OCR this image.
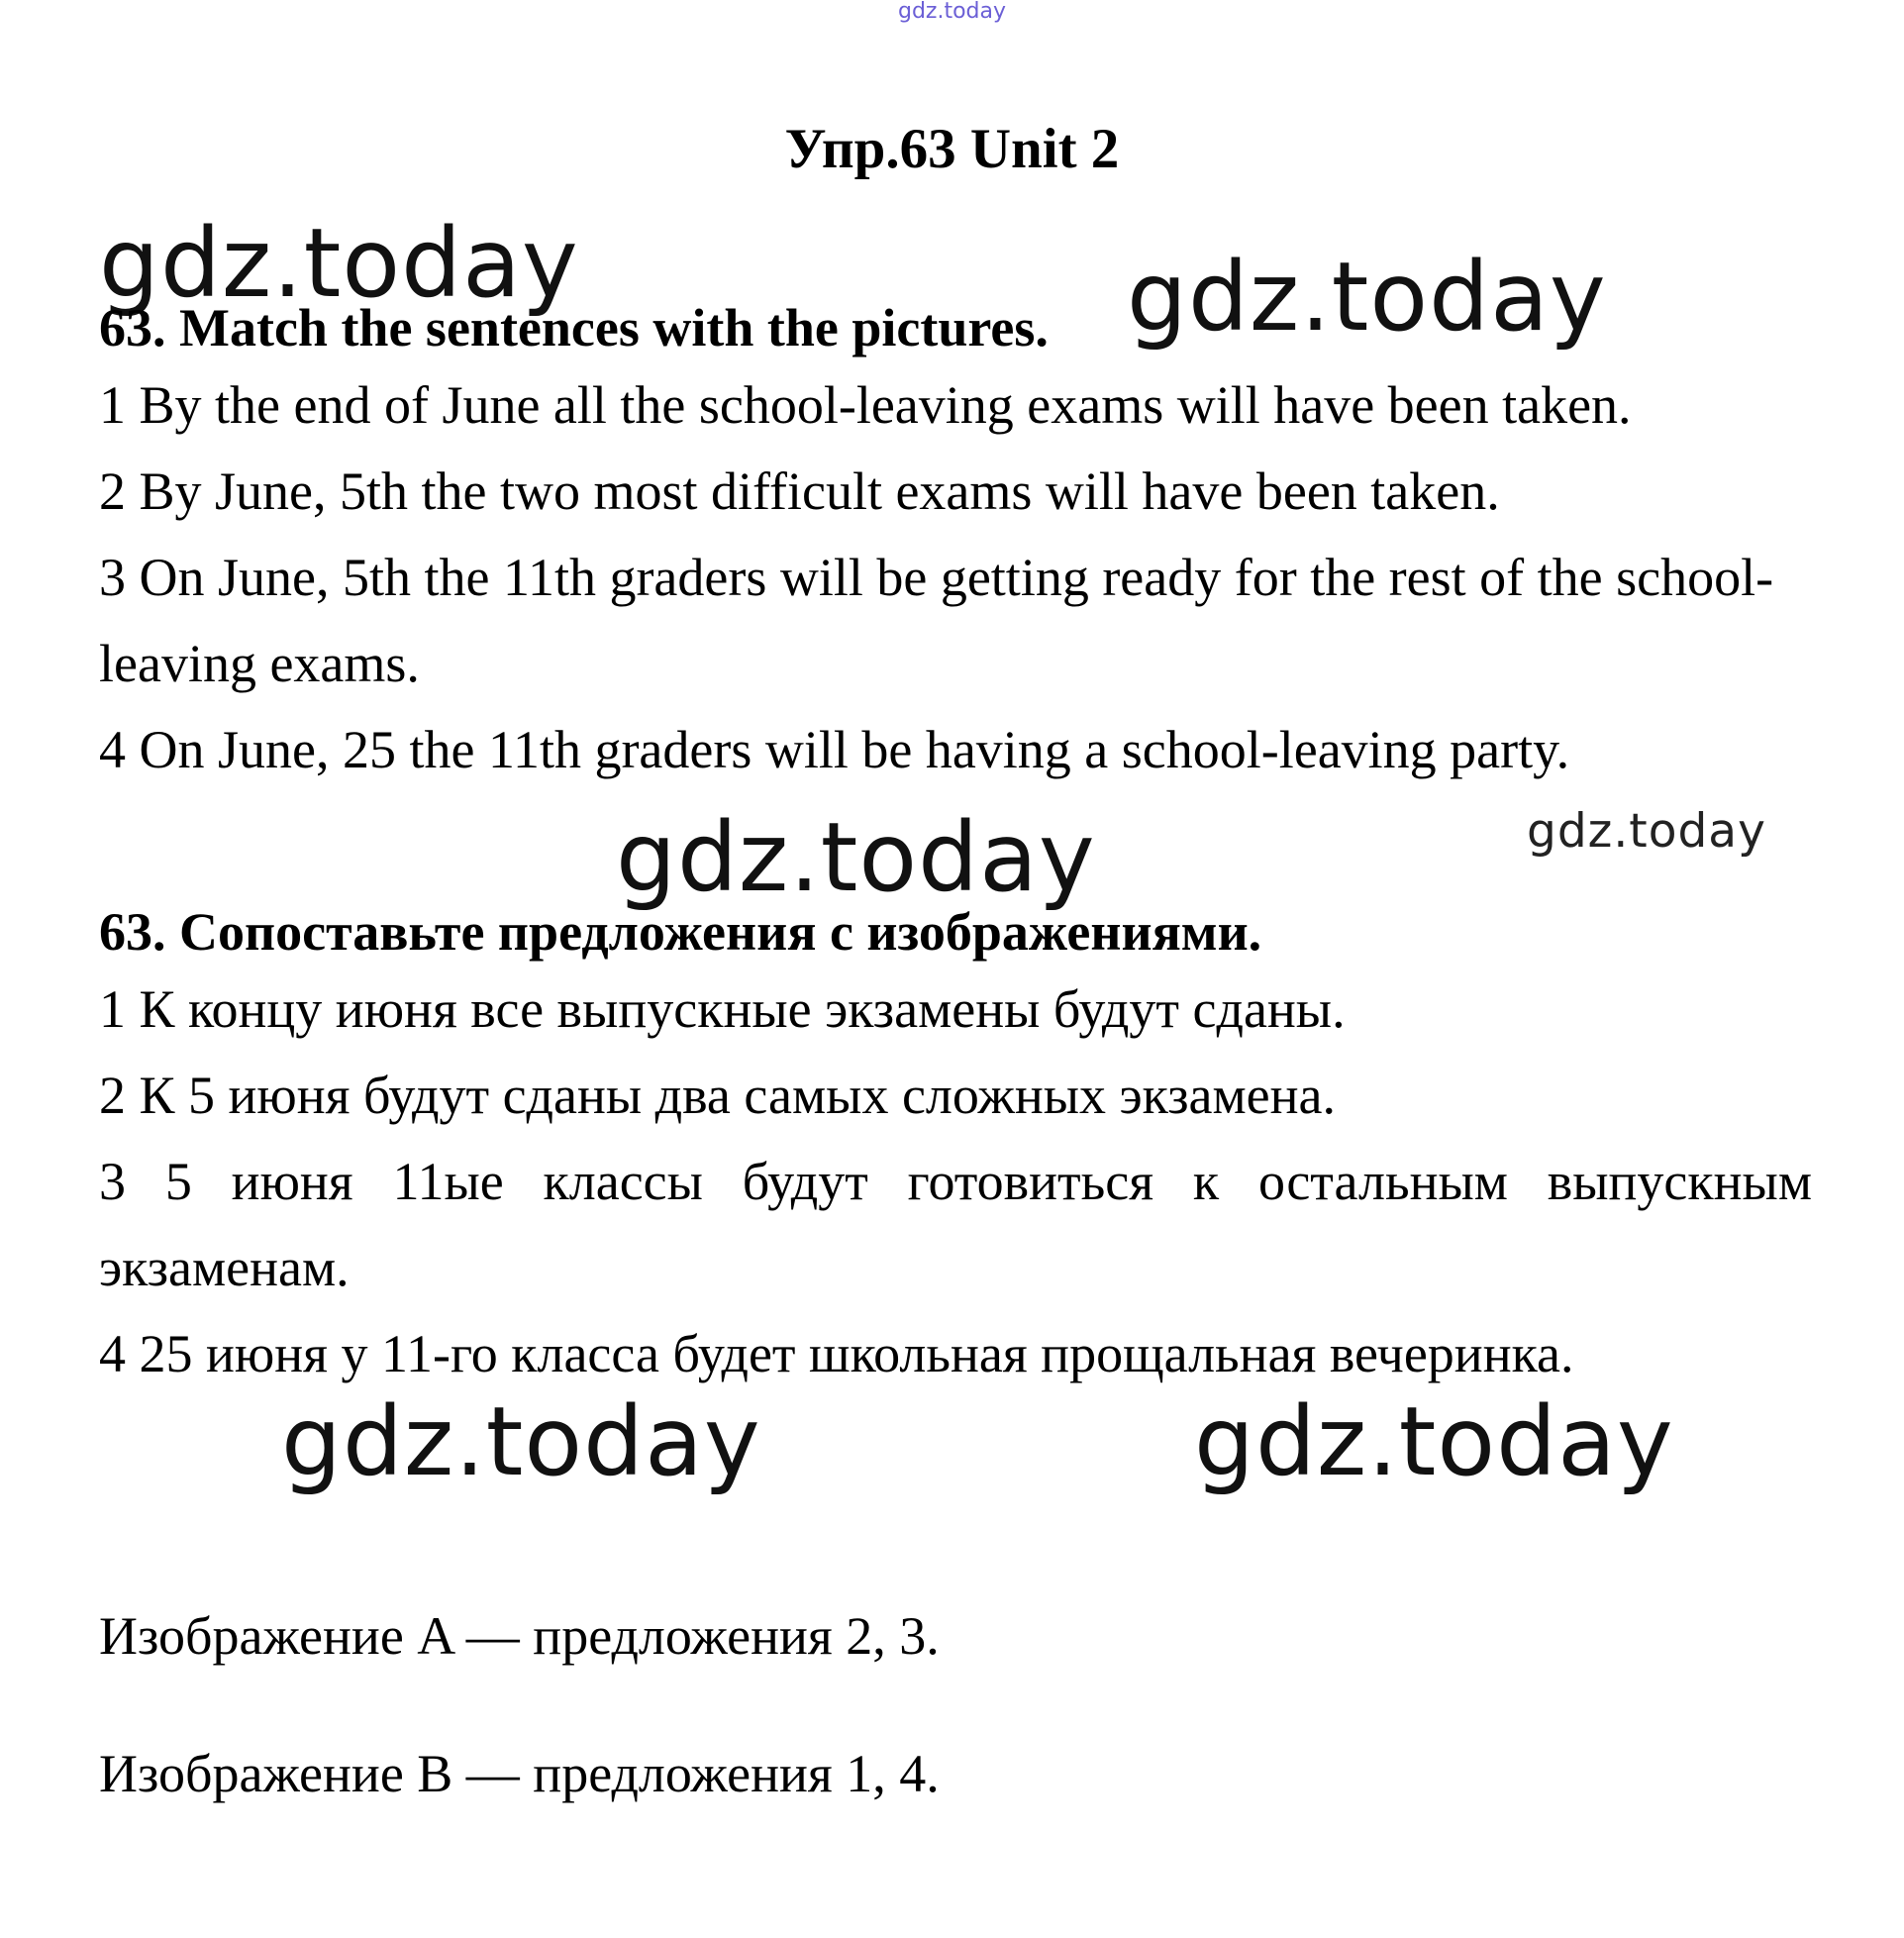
gdz.today
Упр.63 Unit 2
gdz.today	gdz.today
gdz.today	gdz.today
gdz.today	gdz.today

63. Match the sentences with the pictures.

1 By the end of June all the school-leaving exams will have been taken.

2 By June, 5th the two most difficult exams will have been taken.

3 On June, 5th the 11th graders will be getting ready for the rest of the school-leaving exams.

4 On June, 25 the 11th graders will be having a school-leaving party.

63. Сопоставьте предложения с изображениями.

1 К концу июня все выпускные экзамены будут сданы.

2 К 5 июня будут сданы два самых сложных экзамена.

3 5 июня 11ые классы будут готовиться к остальным выпускным экзаменам.

4 25 июня у 11-го класса будет школьная прощальная вечеринка.

Изображение A — предложения 2, 3.
Изображение B — предложения 1, 4.
